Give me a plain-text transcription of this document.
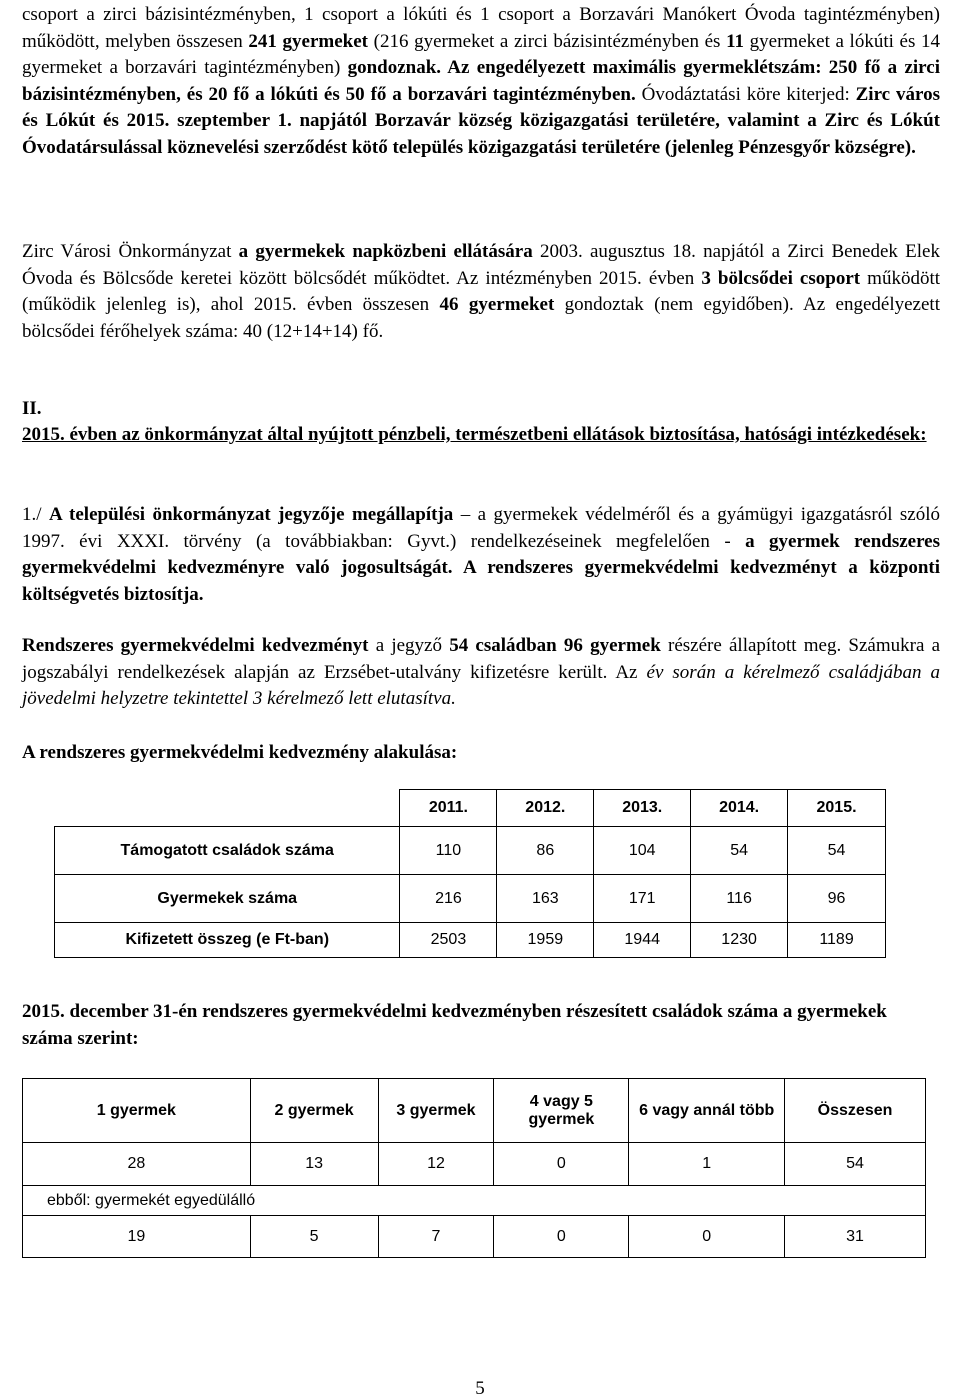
csoport a zirci bázisintézményben, 1 csoport a lókúti és 1 csoport a Borzavári Manókert Óvoda tagintézményben) működött, melyben összesen 241 gyermeket (216 gyermeket a zirci bázisintézményben és 11 gyermeket a lókúti és 14 gyermeket a borzavári tagintézményben) gondoznak. Az engedélyezett maximális gyermeklétszám: 250 fő a zirci bázisintézményben, és 20 fő a lókúti és 50 fő a borzavári tagintézményben. Óvodáztatási köre kiterjed: Zirc város és Lókút és 2015. szeptember 1. napjától Borzavár község közigazgatási területére, valamint a Zirc és Lókút Óvodatársulással köznevelési szerződést kötő település közigazgatási területére (jelenleg Pénzesgyőr községre).

Zirc Városi Önkormányzat a gyermekek napközbeni ellátására 2003. augusztus 18. napjától a Zirci Benedek Elek Óvoda és Bölcsőde keretei között bölcsődét működtet. Az intézményben 2015. évben 3 bölcsődei csoport működött (működik jelenleg is), ahol 2015. évben összesen 46 gyermeket gondoztak (nem egyidőben). Az engedélyezett bölcsődei férőhelyek száma: 40 (12+14+14) fő.

II.

2015. évben az önkormányzat által nyújtott pénzbeli, természetbeni ellátások biztosítása, hatósági intézkedések:

1./ A települési önkormányzat jegyzője megállapítja – a gyermekek védelméről és a gyámügyi igazgatásról szóló 1997. évi XXXI. törvény (a továbbiakban: Gyvt.) rendelkezéseinek megfelelően - a gyermek rendszeres gyermekvédelmi kedvezményre való jogosultságát. A rendszeres gyermekvédelmi kedvezményt a központi költségvetés biztosítja.

Rendszeres gyermekvédelmi kedvezményt a jegyző 54 családban 96 gyermek részére állapított meg. Számukra a jogszabályi rendelkezések alapján az Erzsébet-utalvány kifizetésre került. Az év során a kérelmező családjában a jövedelmi helyzetre tekintettel 3 kérelmező lett elutasítva.

A rendszeres gyermekvédelmi kedvezmény alakulása:

	2011.	2012.	2013.	2014.	2015.
Támogatott családok száma	110	86	104	54	54
Gyermekek száma	216	163	171	116	96
Kifizetett összeg (e Ft-ban)	2503	1959	1944	1230	1189

2015. december 31-én rendszeres gyermekvédelmi kedvezményben részesített családok száma a gyermekek száma szerint:

1 gyermek	2 gyermek	3 gyermek	4 vagy 5 gyermek	6 vagy annál több	Összesen
28	13	12	0	1	54
ebből: gyermekét egyedülálló					
19	5	7	0	0	31
5
